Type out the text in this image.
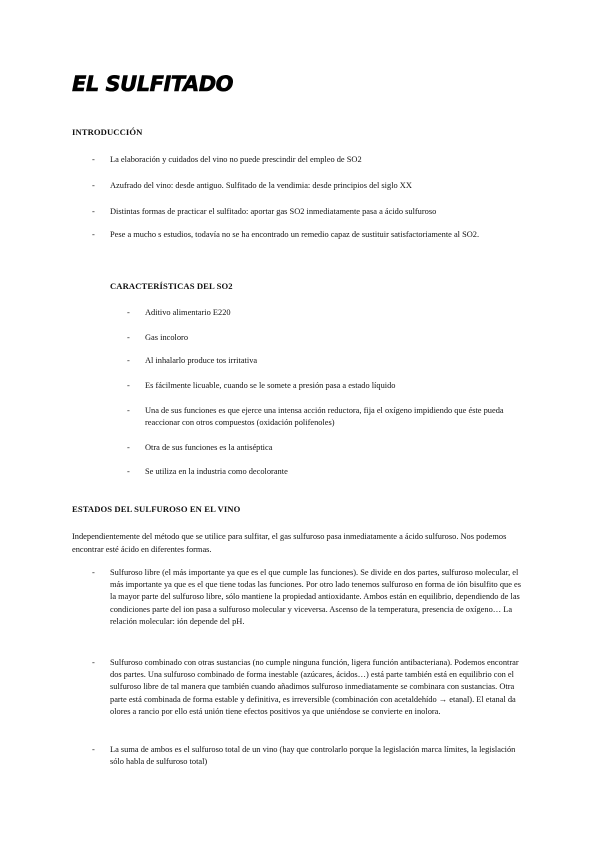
EL SULFITADO
INTRODUCCIÓN
-	La elaboración y cuidados del vino no puede prescindir del empleo de SO2
-	Azufrado del vino: desde antiguo. Sulfitado de la vendimia: desde principios del siglo XX
-	Distintas formas de practicar el sulfitado: aportar gas SO2 inmediatamente pasa a ácido sulfuroso
-	Pese a mucho s estudios, todavía no se ha encontrado un remedio capaz de sustituir satisfactoriamente al SO2.
CARACTERÍSTICAS DEL SO2
-	Aditivo alimentario E220
-	Gas incoloro
-	Al inhalarlo produce tos irritativa
-	Es fácilmente licuable, cuando se le somete a presión pasa a estado líquido
-	Una de sus funciones es que ejerce una intensa acción reductora, fija el oxígeno impidiendo que éste pueda reaccionar con otros compuestos (oxidación polifenoles)
-	Otra de sus funciones es la antiséptica
-	Se utiliza en la industria como decolorante
ESTADOS DEL SULFUROSO EN EL VINO
Independientemente del método que se utilice para sulfitar, el gas sulfuroso pasa inmediatamente a ácido sulfuroso. Nos podemos encontrar esté ácido en diferentes formas.
-	Sulfuroso libre (el más importante ya que es el que cumple las funciones). Se divide en dos partes, sulfuroso molecular, el más importante ya que es el que tiene todas las funciones. Por otro lado tenemos sulfuroso en forma de ión bisulfito que es la mayor parte del sulfuroso libre, sólo mantiene la propiedad antioxidante. Ambos están en equilibrio, dependiendo de las condiciones parte del ion pasa a sulfuroso molecular y viceversa. Ascenso de la temperatura, presencia de oxígeno… La relación molecular: ión depende del pH.
-	Sulfuroso combinado con otras sustancias (no cumple ninguna función, ligera función antibacteriana). Podemos encontrar dos partes. Una sulfuroso combinado de forma inestable (azúcares, ácidos…) está parte también está en equilibrio con el sulfuroso libre de tal manera que también cuando añadimos sulfuroso inmediatamente se combinara con sustancias. Otra parte está combinada de forma estable y definitiva, es irreversible (combinación con acetaldehído → etanal). El etanal da olores a rancio por ello está unión tiene efectos positivos ya que uniéndose se convierte en inolora.
-	La suma de ambos es el sulfuroso total de un vino (hay que controlarlo porque la legislación marca límites, la legislación sólo habla de sulfuroso total)
